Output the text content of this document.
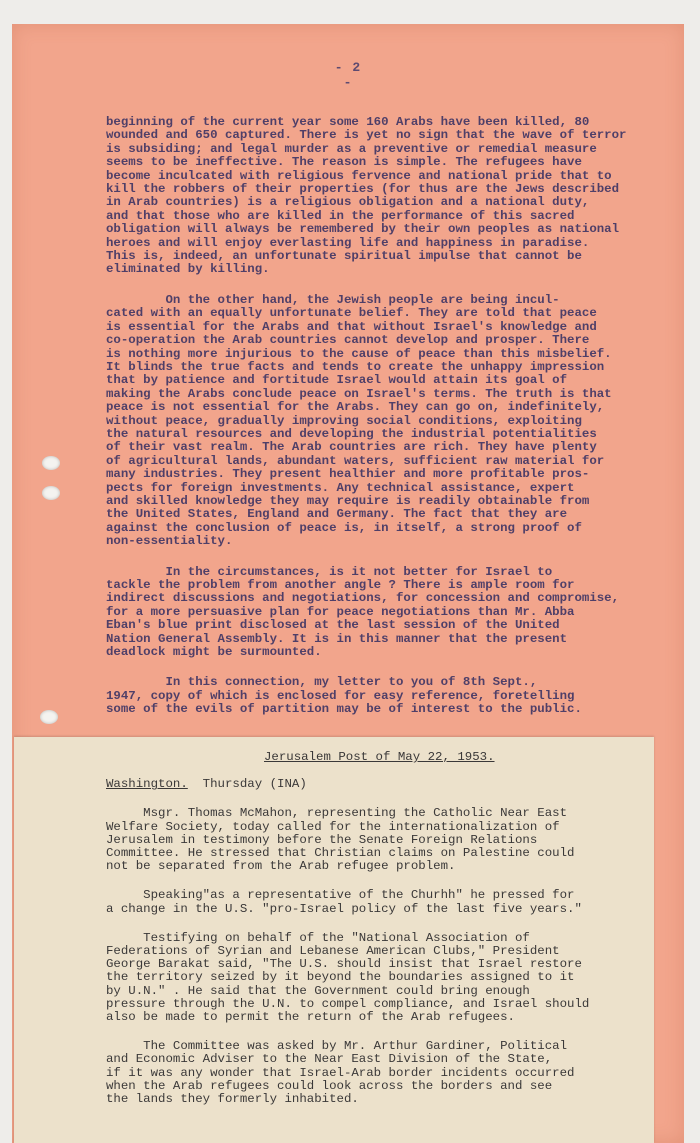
- 2 -

beginning of the current year some 160 Arabs have been killed, 80
wounded and 650 captured. There is yet no sign that the wave of terror
is subsiding; and legal murder as a preventive or remedial measure
seems to be ineffective. The reason is simple. The refugees have
become inculcated with religious fervence and national pride that to
kill the robbers of their properties (for thus are the Jews described
in Arab countries) is a religious obligation and a national duty,
and that those who are killed in the performance of this sacred
obligation will always be remembered by their own peoples as national
heroes and will enjoy everlasting life and happiness in paradise.
This is, indeed, an unfortunate spiritual impulse that cannot be
eliminated by killing.

On the other hand, the Jewish people are being incul-
cated with an equally unfortunate belief. They are told that peace
is essential for the Arabs and that without Israel's knowledge and
co-operation the Arab countries cannot develop and prosper. There
is nothing more injurious to the cause of peace than this misbelief.
It blinds the true facts and tends to create the unhappy impression
that by patience and fortitude Israel would attain its goal of
making the Arabs conclude peace on Israel's terms. The truth is that
peace is not essential for the Arabs. They can go on, indefinitely,
without peace, gradually improving social conditions, exploiting
the natural resources and developing the industrial potentialities
of their vast realm. The Arab countries are rich. They have plenty
of agricultural lands, abundant waters, sufficient raw material for
many industries. They present healthier and more profitable pros-
pects for foreign investments. Any technical assistance, expert
and skilled knowledge they may require is readily obtainable from
the United States, England and Germany. The fact that they are
against the conclusion of peace is, in itself, a strong proof of
non-essentiality.

In the circumstances, is it not better for Israel to
tackle the problem from another angle ? There is ample room for
indirect discussions and negotiations, for concession and compromise,
for a more persuasive plan for peace negotiations than Mr. Abba
Eban's blue print disclosed at the last session of the United
Nation General Assembly. It is in this manner that the present
deadlock might be surmounted.

In this connection, my letter to you of 8th Sept.,
1947, copy of which is enclosed for easy reference, foretelling
some of the evils of partition may be of interest to the public.

Jerusalem Post of May 22, 1953.
Washington.  Thursday (INA)

Msgr. Thomas McMahon, representing the Catholic Near East
Welfare Society, today called for the internationalization of
Jerusalem in testimony before the Senate Foreign Relations
Committee. He stressed that Christian claims on Palestine could
not be separated from the Arab refugee problem.

Speaking"as a representative of the Churhh" he pressed for
a change in the U.S. "pro-Israel policy of the last five years."

Testifying on behalf of the "National Association of
Federations of Syrian and Lebanese American Clubs," President
George Barakat said, "The U.S. should insist that Israel restore
the territory seized by it beyond the boundaries assigned to it
by U.N." . He said that the Government could bring enough
pressure through the U.N. to compel compliance, and Israel should
also be made to permit the return of the Arab refugees.

The Committee was asked by Mr. Arthur Gardiner, Political
and Economic Adviser to the Near East Division of the State,
if it was any wonder that Israel-Arab border incidents occurred
when the Arab refugees could look across the borders and see
the lands they formerly inhabited.
